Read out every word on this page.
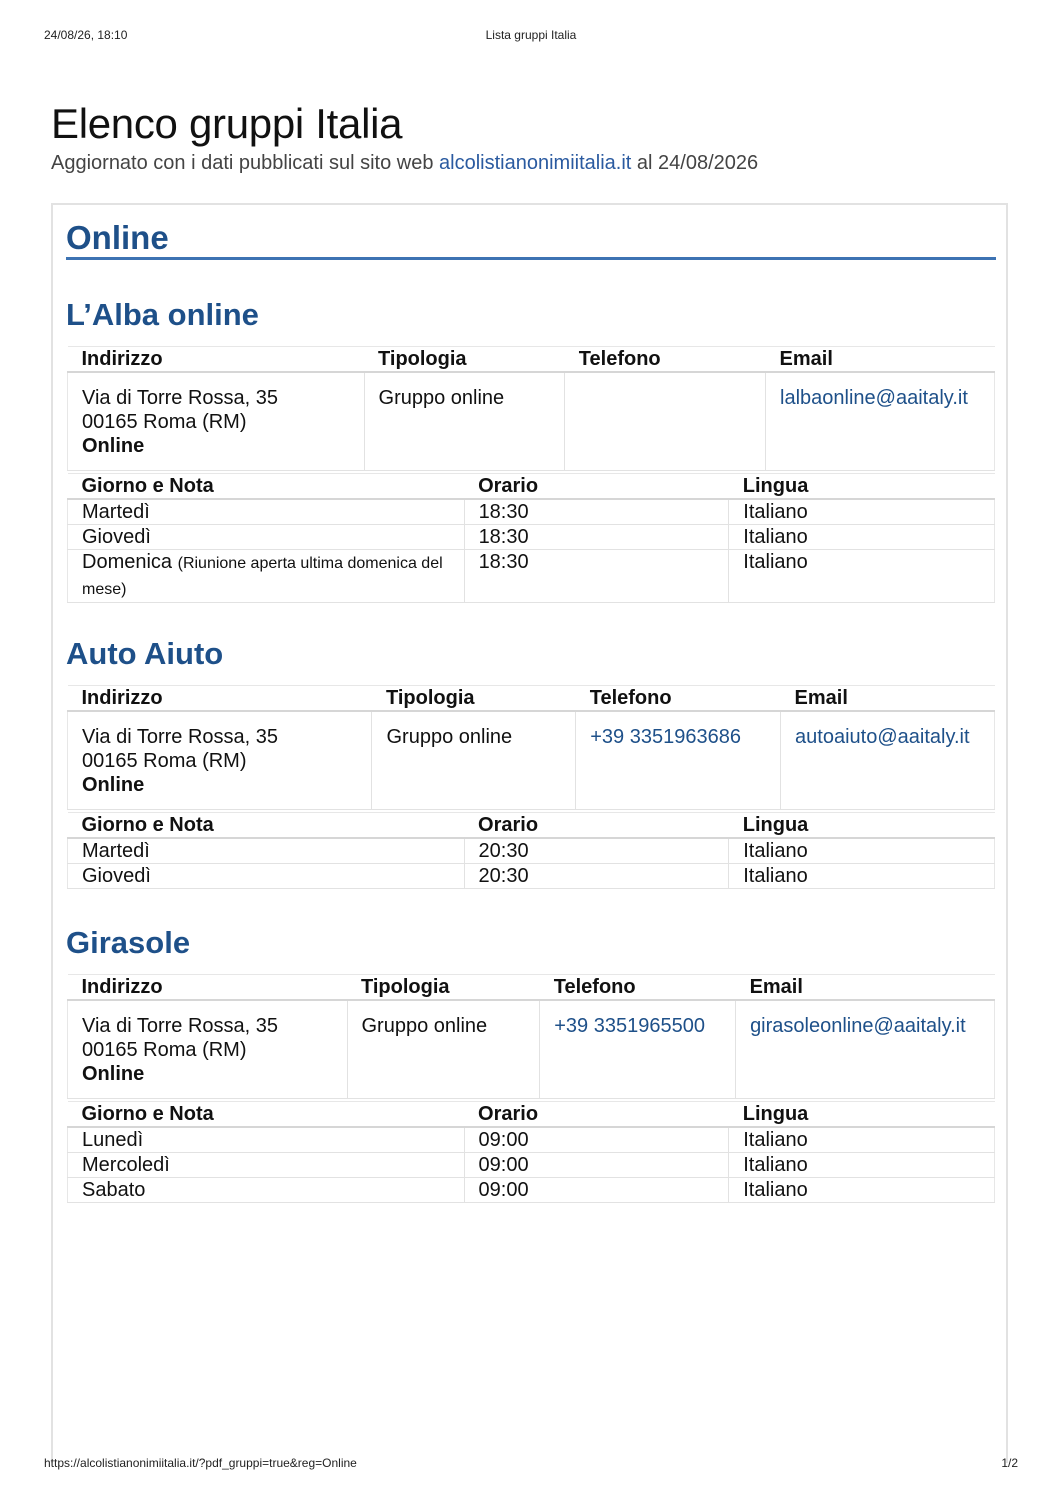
24/08/26, 18:10	Lista gruppi Italia
Elenco gruppi Italia
Aggiornato con i dati pubblicati sul sito web alcolistianonimiitalia.it al 24/08/2026
Online
L’Alba online
Indirizzo	Tipologia	Telefono	Email

Via di Torre Rossa, 35
00165 Roma (RM)
Online	Gruppo online		lalbaonline@aaitaly.it
Giorno e Nota	Orario	Lingua
Martedì	18:30	Italiano
Giovedì	18:30	Italiano
Domenica (Riunione aperta ultima domenica del mese)	18:30	Italiano
Auto Aiuto
Indirizzo	Tipologia	Telefono	Email

Via di Torre Rossa, 35
00165 Roma (RM)
Online	Gruppo online	+39 3351963686	autoaiuto@aaitaly.it
Giorno e Nota	Orario	Lingua
Martedì	20:30	Italiano
Giovedì	20:30	Italiano
Girasole
Indirizzo	Tipologia	Telefono	Email

Via di Torre Rossa, 35
00165 Roma (RM)
Online	Gruppo online	+39 3351965500	girasoleonline@aaitaly.it
Giorno e Nota	Orario	Lingua
Lunedì	09:00	Italiano
Mercoledì	09:00	Italiano
Sabato	09:00	Italiano
https://alcolistianonimiitalia.it/?pdf_gruppi=true&reg=Online	1/2
